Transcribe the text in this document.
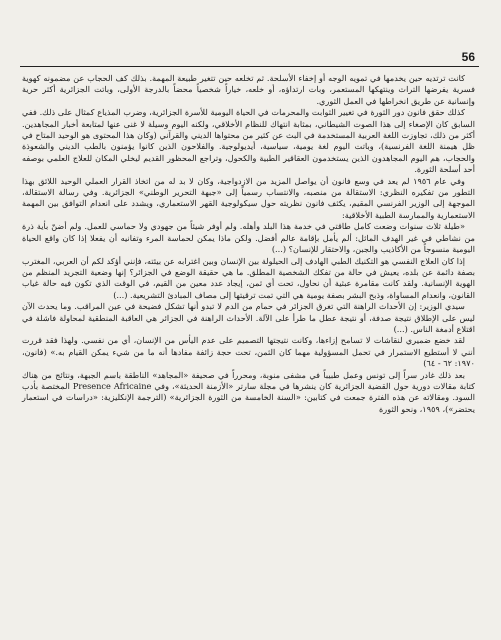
56

كانت ترتديه حين يخدمها في تمويه الوجه أو إخفاء الأسلحة. ثم تخلعه حين تتغير طبيعة المهمة. بذلك كف الحجاب عن مضمونه كهوية فسرية يفرضها التراث وينتهكها المستعمر، وبات ارتداؤه، أو خلعه، خياراً شخصياً محضاً بالدرجة الأولى، وباتت الجزائرية أكثر حرية وإنسانية عن طريق انخراطها في العمل الثوري.

كذلك حقق فانون دور الثورة في تغيير الثوابت والمحرمات في الحياة اليومية للأسرة الجزائرية، وضرب المذياع كمثال على ذلك. ففي السابق كان الإصغاء إلى هذا الصوت الشيطاني، بمثابة انتهاك للنظام الأخلاقي، ولكنه اليوم وسيلة لا غنى عنها لمتابعة أخبار المجاهدين. أكثر من ذلك، تجاوزت اللغة العربية المستخدمة في البث عن كثير من محتواها الديني والقرآني (وكان هذا المحتوى هو الوحيد المتاح في ظل هيمنة اللغة الفرنسية)، وباتت اليوم لغة يومية، سياسية، أيديولوجية. والفلاحون الذين كانوا يؤمنون بالطب الديني والشعوذة والحجاب، هم اليوم المجاهدون الذين يستخدمون العقاقير الطبية والكحول، وتراجع المحظور القديم ليخلي المكان للعلاج العلمي بوصفه أحد أسلحة الثورة.

وفي عام ١٩٥٦ لم يعد في وسع فانون أن يواصل المزيد من الازدواجية، وكان لا بد له من اتخاذ القرار العملي الوحيد اللائق بهذا التطور من تفكيره النظري: الاستقالة من منصبه، والانتساب رسمياً إلى «جبهة التحرير الوطني» الجزائرية. وفي رسالة الاستقالة، الموجهة إلى الوزير الفرنسي المقيم، يكثف فانون نظريته حول سيكولوجية القهر الاستعماري، ويشدد على انعدام التوافق بين المهمة الاستعمارية والممارسة الطبية الأخلاقية:

«طيلة ثلاث سنوات وضعت كامل طاقتي في خدمة هذا البلد وأهله. ولم أوفر شيئاً من جهودي ولا حماسي للعمل. ولم أضنّ بأية ذرة من نشاطي في غير الهدف الماثل: ألم يأمل بإقامة عالم أفضل. ولكن ماذا يمكن لحماسة المرء وتفانيه أن يفعلا إذا كان واقع الحياة اليومية منسوجاً من الأكاذيب والجبن، والاحتقار للإنسان؟ (...)

إذا كان العلاج النفسي هو التكنيك الطبي الهادف إلى الحيلولة بين الإنسان وبين اغترابه عن بيئته، فإنني أؤكد لكم أن العربي، المغترب بصفة دائمة عن بلده، يعيش في حالة من تفكك الشخصية المطلق. ما هي حقيقة الوضع في الجزائر؟ إنها وضعية التجريد المنظم من الهوية الإنسانية. ولقد كانت مقامرة عبثية أن نحاول، تحت أي ثمن، إيجاد عدد معين من القيم، في الوقت الذي تكون فيه حالة غياب القانون، وانعدام المساواة، وذبح البشر بصفة يومية هي التي تمت ترقيتها إلى مصاف المبادئ التشريعية. (...)

سيدي الوزير: إن الأحداث الراهنة التي تغرق الجزائر في حمام من الدم لا تبدو أنها تشكل فضيحة في عين المراقب. وما يحدث الآن ليس على الإطلاق نتيجة صدفة، أو نتيجة عطل ما طرأ على الآلة. الأحداث الراهنة في الجزائر هي العاقبة المنطقية لمحاولة فاشلة في اقتلاع أدمغة الناس. (...)

لقد خضع ضميري لنقاشات لا تسامح إزاءها، وكانت نتيجتها التصميم على عدم اليأس من الإنسان، أي من نفسي. ولهذا فقد قررت أنني لا أستطيع الاستمرار في تحمل المسؤولية مهما كان الثمن، تحت حجة زائفة مفادها أنه ما من شيء يمكن القيام به.» (فانون، ١٩٧٠: ٦٢ - ٦٤)

بعد ذلك غادر سراً إلى تونس وعمل طبيباً في مشفى منوبة، ومحرراً في صحيفة «المجاهد» الناطقة باسم الجبهة، ونتائج من هناك كتابة مقالات دورية حول القضية الجزائرية كان ينشرها في مجلة سارتر «الأزمنة الحديثة»، وفي Presence Africaine المختصة بأدب السود. ومقالاته عن هذه الفترة جمعت في كتابين: «السنة الخامسة من الثورة الجزائرية» (الترجمة الإنكليزية: «دراسات في استعمار يحتضر»)، ١٩٥٩، ونحو الثورة
